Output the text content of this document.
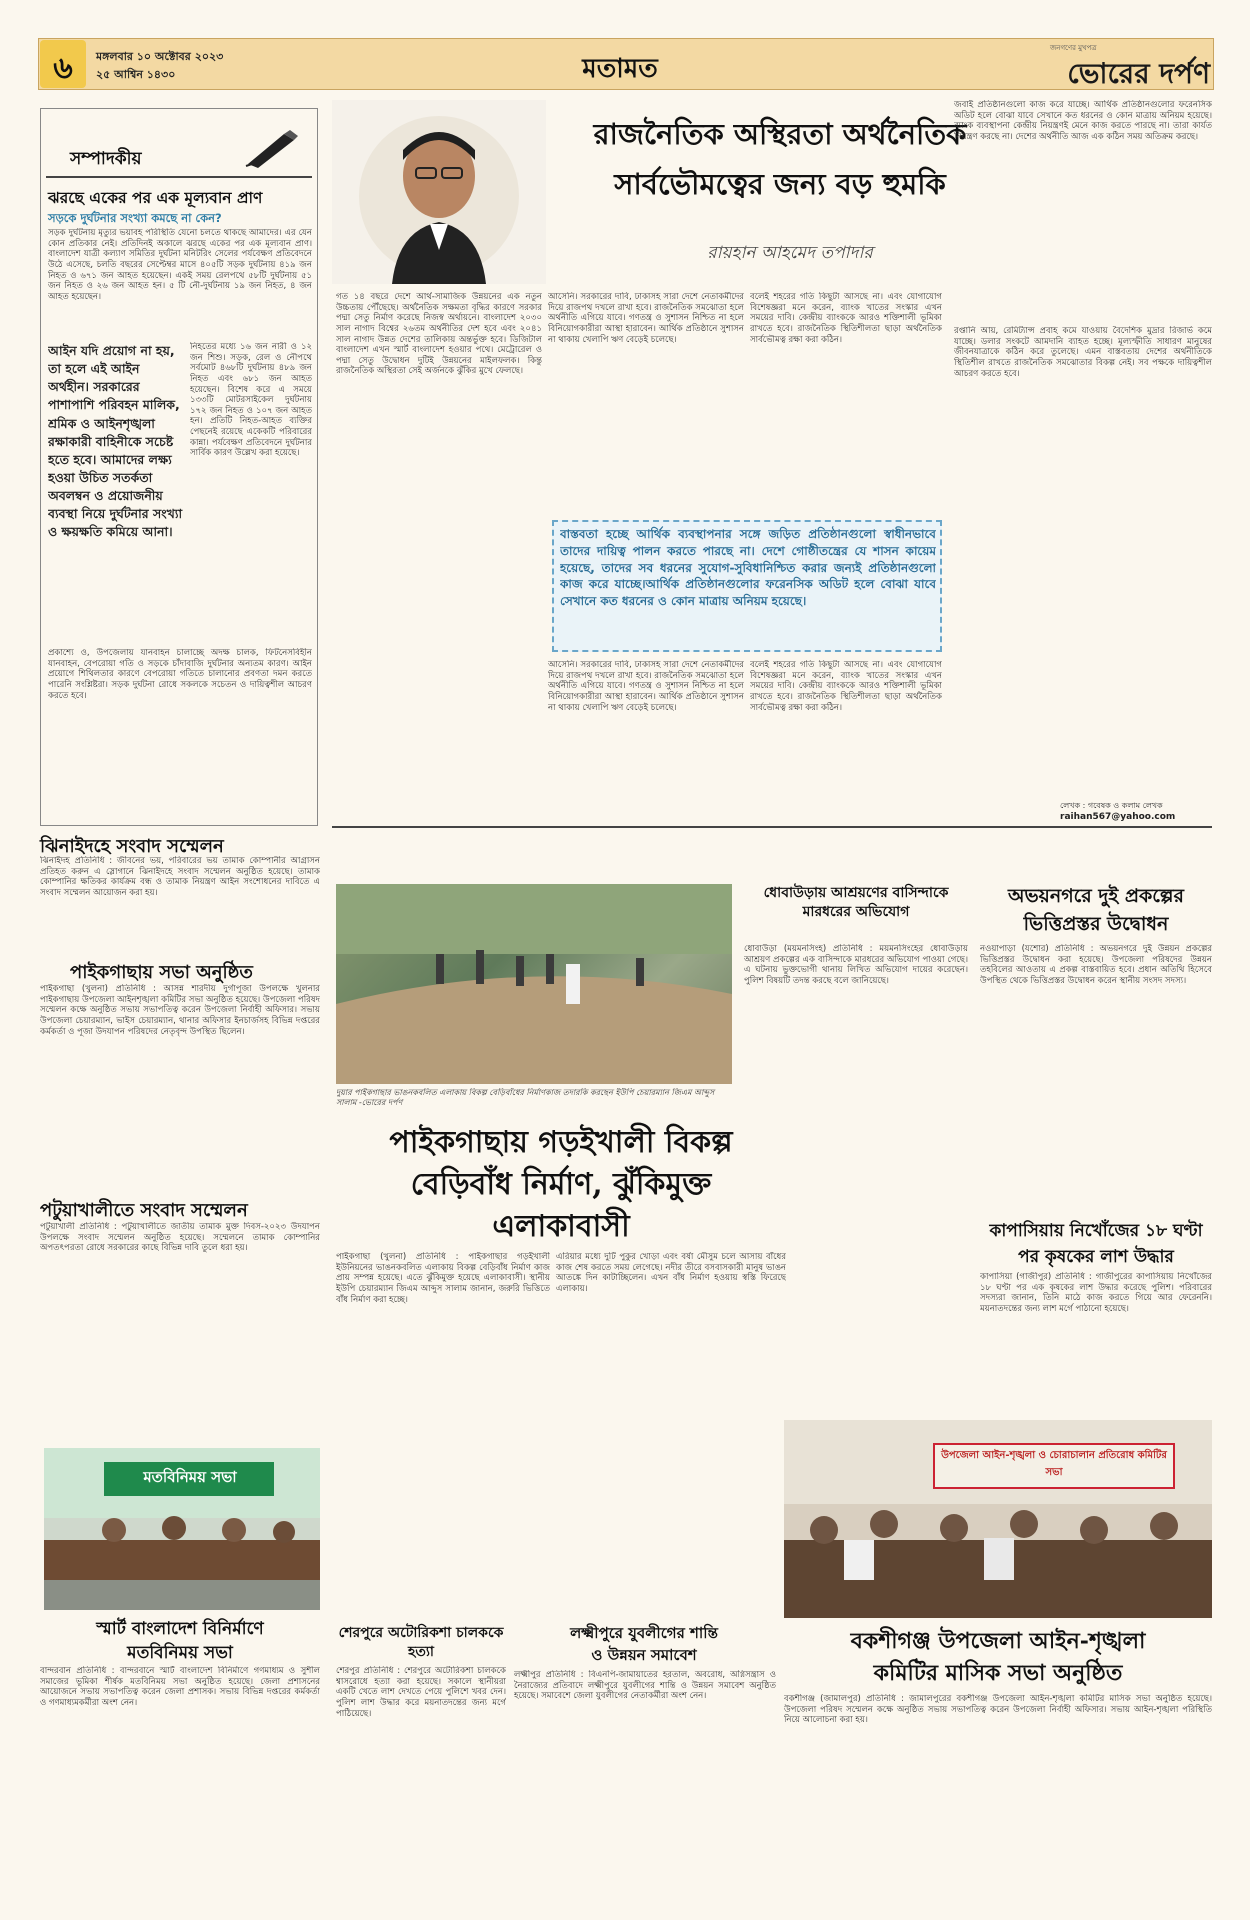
৬	মঙ্গলবার ১০ অক্টোবর ২০২৩
২৫ আশ্বিন ১৪৩০	মতামত
জনগণের মুখপত্র
ভোরের দর্পণ
সম্পাদকীয়
ঝরছে একের পর এক মূল্যবান প্রাণ
সড়কে দুর্ঘটনার সংখ্যা কমছে না কেন?
সড়ক দুর্ঘটনায় মৃত্যুর ভয়াবহ পরিস্থিতি যেনো চলতে থাকছে আমাদের। এর যেন কোন প্রতিকার নেই। প্রতিদিনই অকালে ঝরছে একের পর এক মূল্যবান প্রাণ। বাংলাদেশ যাত্রী কল্যাণ সমিতির দুর্ঘটনা মনিটরিং সেলের পর্যবেক্ষণ প্রতিবেদনে উঠে এসেছে, চলতি বছরের সেপ্টেম্বর মাসে ৪০৫টি সড়ক দুর্ঘটনায় ৪১৯ জন নিহত ও ৬৭১ জন আহত হয়েছেন। একই সময় রেলপথে ৫৮টি দুর্ঘটনায় ৫১ জন নিহত ও ২৬ জন আহত হন। ৫ টি নৌ-দুর্ঘটনায় ১৯ জন নিহত, ৪ জন আহত হয়েছেন।
আইন যদি প্রয়োগ না হয়, তা হলে এই আইন অর্থহীন। সরকারের পাশাপাশি পরিবহন মালিক, শ্রমিক ও আইনশৃঙ্খলা রক্ষাকারী বাহিনীকে সচেষ্ট হতে হবে। আমাদের লক্ষ্য হওয়া উচিত সতর্কতা অবলম্বন ও প্রয়োজনীয় ব্যবস্থা নিয়ে দুর্ঘটনার সংখ্যা ও ক্ষয়ক্ষতি কমিয়ে আনা।
নিহতের মধ্যে ১৬ জন নারী ও ১২ জন শিশু। সড়ক, রেল ও নৌপথে সর্বমোট ৪৬৮টি দুর্ঘটনায় ৪৮৯ জন নিহত এবং ৬৮১ জন আহত হয়েছেন। বিশেষ করে এ সময়ে ১৩৩টি মোটরসাইকেল দুর্ঘটনায় ১৭২ জন নিহত ও ১০৭ জন আহত হন। প্রতিটি নিহত-আহত ব্যক্তির পেছনেই রয়েছে একেকটি পরিবারের কান্না। পর্যবেক্ষণ প্রতিবেদনে দুর্ঘটনার সার্বিক কারণ উল্লেখ করা হয়েছে।
প্রকাশ্যে ও, উপজেলায় যানবাহন চালাচ্ছে অদক্ষ চালক, ফিটনেসবিহীন যানবাহন, বেপরোয়া গতি ও সড়কে চাঁদাবাজি দুর্ঘটনার অন্যতম কারণ। আইন প্রয়োগে শিথিলতার কারণে বেপরোয়া গতিতে চালানোর প্রবণতা দমন করতে পারেনি সংশ্লিষ্টরা। সড়ক দুর্ঘটনা রোধে সকলকে সচেতন ও দায়িত্বশীল আচরণ করতে হবে।
রাজনৈতিক অস্থিরতা অর্থনৈতিক
সার্বভৌমত্বের জন্য বড় হুমকি
রায়হান আহমেদ তপাদার
গত ১৪ বছরে দেশে আর্থ-সামাজিক উন্নয়নের এক নতুন উচ্চতায় পৌঁছেছে। অর্থনৈতিক সক্ষমতা বৃদ্ধির কারণে সরকার পদ্মা সেতু নির্মাণ করেছে নিজস্ব অর্থায়নে। বাংলাদেশ ২০৩০ সাল নাগাদ বিশ্বের ২৬তম অর্থনীতির দেশ হবে এবং ২০৪১ সাল নাগাদ উন্নত দেশের তালিকায় অন্তর্ভুক্ত হবে। ডিজিটাল বাংলাদেশ এখন স্মার্ট বাংলাদেশ হওয়ার পথে। মেট্রোরেল ও পদ্মা সেতু উদ্বোধন দুটিই উন্নয়নের মাইলফলক। কিন্তু রাজনৈতিক অস্থিরতা সেই অর্জনকে ঝুঁকির মুখে ফেলছে।
আসেনি। সরকারের দাবি, ঢাকাসহ সারা দেশে নেতাকর্মীদের দিয়ে রাজপথ দখলে রাখা হবে। রাজনৈতিক সমঝোতা হলে অর্থনীতি এগিয়ে যাবে। গণতন্ত্র ও সুশাসন নিশ্চিত না হলে বিনিয়োগকারীরা আস্থা হারাবেন। আর্থিক প্রতিষ্ঠানে সুশাসন না থাকায় খেলাপি ঋণ বেড়েই চলেছে।
বলেই শহরের গতি কিছুটা আসছে না। এবং যোগাযোগ বিশেষজ্ঞরা মনে করেন, ব্যাংক খাতের সংস্কার এখন সময়ের দাবি। কেন্দ্রীয় ব্যাংককে আরও শক্তিশালী ভূমিকা রাখতে হবে। রাজনৈতিক স্থিতিশীলতা ছাড়া অর্থনৈতিক সার্বভৌমত্ব রক্ষা করা কঠিন।
বাস্তবতা হচ্ছে আর্থিক ব্যবস্থাপনার সঙ্গে জড়িত প্রতিষ্ঠানগুলো স্বাধীনভাবে তাদের দায়িত্ব পালন করতে পারছে না। দেশে গোষ্ঠীতন্ত্রের যে শাসন কায়েম হয়েছে, তাদের সব ধরনের সুযোগ-সুবিধানিশ্চিত করার জন্যই প্রতিষ্ঠানগুলো কাজ করে যাচ্ছে।আর্থিক প্রতিষ্ঠানগুলোর ফরেনসিক অডিট হলে বোঝা যাবে সেখানে কত ধরনের ও কোন মাত্রায় অনিয়ম হয়েছে।
আসেনি। সরকারের দাবি, ঢাকাসহ সারা দেশে নেতাকর্মীদের দিয়ে রাজপথ দখলে রাখা হবে। রাজনৈতিক সমঝোতা হলে অর্থনীতি এগিয়ে যাবে। গণতন্ত্র ও সুশাসন নিশ্চিত না হলে বিনিয়োগকারীরা আস্থা হারাবেন। আর্থিক প্রতিষ্ঠানে সুশাসন না থাকায় খেলাপি ঋণ বেড়েই চলেছে।
বলেই শহরের গতি কিছুটা আসছে না। এবং যোগাযোগ বিশেষজ্ঞরা মনে করেন, ব্যাংক খাতের সংস্কার এখন সময়ের দাবি। কেন্দ্রীয় ব্যাংককে আরও শক্তিশালী ভূমিকা রাখতে হবে। রাজনৈতিক স্থিতিশীলতা ছাড়া অর্থনৈতিক সার্বভৌমত্ব রক্ষা করা কঠিন।
জবাই প্রতিষ্ঠানগুলো কাজ করে যাচ্ছে। আর্থিক প্রতিষ্ঠানগুলোর ফরেনসিক অডিট হলে বোঝা যাবে সেখানে কত ধরনের ও কোন মাত্রায় অনিয়ম হয়েছে। ব্যাংক ব্যবস্থাপনা কেন্দ্রীয় নিয়ন্ত্রণই মেনে কাজ করতে পারছে না। তারা কার্যত নিয়ন্ত্রণ করছে না। দেশের অর্থনীতি আজ এক কঠিন সময় অতিক্রম করছে।
রপ্তানি আয়, রেমিট্যান্স প্রবাহ কমে যাওয়ায় বৈদেশিক মুদ্রার রিজার্ভ কমে যাচ্ছে। ডলার সংকটে আমদানি ব্যাহত হচ্ছে। মূল্যস্ফীতি সাধারণ মানুষের জীবনযাত্রাকে কঠিন করে তুলেছে। এমন বাস্তবতায় দেশের অর্থনীতিকে স্থিতিশীল রাখতে রাজনৈতিক সমঝোতার বিকল্প নেই। সব পক্ষকে দায়িত্বশীল আচরণ করতে হবে।
লেখক : গবেষক ও কলাম লেখক
raihan567@yahoo.com
ঝিনাইদহে সংবাদ সম্মেলন
ঝিনাইদহ প্রতিনিধি : জীবনের ভয়, পরিবারের ভয় তামাক কোম্পানীর আগ্রাসন প্রতিহত করুন এ স্লোগানে ঝিনাইদহে সংবাদ সম্মেলন অনুষ্ঠিত হয়েছে। তামাক কোম্পানির ক্ষতিকর কার্যক্রম বন্ধ ও তামাক নিয়ন্ত্রণ আইন সংশোধনের দাবিতে এ সংবাদ সম্মেলন আয়োজন করা হয়।
পাইকগাছায় সভা অনুষ্ঠিত
পাইকগাছা (খুলনা) প্রতিনিধি : আসন্ন শারদীয় দুর্গাপূজা উপলক্ষে খুলনার পাইকগাছায় উপজেলা আইনশৃঙ্খলা কমিটির সভা অনুষ্ঠিত হয়েছে। উপজেলা পরিষদ সম্মেলন কক্ষে অনুষ্ঠিত সভায় সভাপতিত্ব করেন উপজেলা নির্বাহী অফিসার। সভায় উপজেলা চেয়ারম্যান, ভাইস চেয়ারম্যান, থানার অফিসার ইনচার্জসহ বিভিন্ন দপ্তরের কর্মকর্তা ও পূজা উদযাপন পরিষদের নেতৃবৃন্দ উপস্থিত ছিলেন।
পটুয়াখালীতে সংবাদ সম্মেলন
পটুয়াখালী প্রতিনিধি : পটুয়াখালীতে জাতীয় তামাক মুক্ত দিবস-২০২৩ উদযাপন উপলক্ষে সংবাদ সম্মেলন অনুষ্ঠিত হয়েছে। সম্মেলনে তামাক কোম্পানির অপতৎপরতা রোধে সরকারের কাছে বিভিন্ন দাবি তুলে ধরা হয়।
মতবিনিময় সভা
স্মার্ট বাংলাদেশ বিনির্মাণে
মতবিনিময় সভা
বান্দরবান প্রতিনিধি : বান্দরবানে স্মার্ট বাংলাদেশ বিনির্মাণে গণমাধ্যম ও সুশীল সমাজের ভূমিকা শীর্ষক মতবিনিময় সভা অনুষ্ঠিত হয়েছে। জেলা প্রশাসনের আয়োজনে সভায় সভাপতিত্ব করেন জেলা প্রশাসক। সভায় বিভিন্ন দপ্তরের কর্মকর্তা ও গণমাধ্যমকর্মীরা অংশ নেন।
দুয়ার পাইকগাছার ভাঙনকবলিত এলাকায় বিকল্প বেড়িবাঁধের নির্মাণকাজ তদারকি করছেন ইউপি চেয়ারম্যান জিএম আব্দুস সালাম -ভোরের দর্পণ
পাইকগাছায় গড়ইখালী বিকল্প
বেড়িবাঁধ নির্মাণ, ঝুঁকিমুক্ত
এলাকাবাসী
পাইকগাছা (খুলনা) প্রতিনিধি : পাইকগাছার গড়ইখালী ইউনিয়নের ভাঙনকবলিত এলাকায় বিকল্প বেড়িবাঁধ নির্মাণ কাজ প্রায় সম্পন্ন হয়েছে। এতে ঝুঁকিমুক্ত হয়েছে এলাকাবাসী। স্থানীয় ইউপি চেয়ারম্যান জিএম আব্দুস সালাম জানান, জরুরি ভিত্তিতে বাঁধ নির্মাণ করা হচ্ছে।
এরিয়ার মধ্যে দুটি পুকুর খোড়া এবং বর্ষা মৌসুম চলে আসায় বাঁধের কাজ শেষ করতে সময় লেগেছে। নদীর তীরে বসবাসকারী মানুষ ভাঙন আতঙ্কে দিন কাটাচ্ছিলেন। এখন বাঁধ নির্মাণ হওয়ায় স্বস্তি ফিরেছে এলাকায়।
ধোবাউড়ায় আশ্রয়ণের বাসিন্দাকে মারধরের অভিযোগ
ধোবাউড়া (ময়মনসিংহ) প্রতিনিধি : ময়মনসিংহের ধোবাউড়ায় আশ্রয়ণ প্রকল্পের এক বাসিন্দাকে মারধরের অভিযোগ পাওয়া গেছে। এ ঘটনায় ভুক্তভোগী থানায় লিখিত অভিযোগ দায়ের করেছেন। পুলিশ বিষয়টি তদন্ত করছে বলে জানিয়েছে।
অভয়নগরে দুই প্রকল্পের
ভিত্তিপ্রস্তর উদ্বোধন
নওয়াপাড়া (যশোর) প্রতিনিধি : অভয়নগরে দুই উন্নয়ন প্রকল্পের ভিত্তিপ্রস্তর উদ্বোধন করা হয়েছে। উপজেলা পরিষদের উন্নয়ন তহবিলের আওতায় এ প্রকল্প বাস্তবায়িত হবে। প্রধান অতিথি হিসেবে উপস্থিত থেকে ভিত্তিপ্রস্তর উদ্বোধন করেন স্থানীয় সংসদ সদস্য।
কাপাসিয়ায় নিখোঁজের ১৮ ঘণ্টা
পর কৃষকের লাশ উদ্ধার
কাপাসিয়া (গাজীপুর) প্রতিনিধি : গাজীপুরের কাপাসিয়ায় নিখোঁজের ১৮ ঘণ্টা পর এক কৃষকের লাশ উদ্ধার করেছে পুলিশ। পরিবারের সদস্যরা জানান, তিনি মাঠে কাজ করতে গিয়ে আর ফেরেননি। ময়নাতদন্তের জন্য লাশ মর্গে পাঠানো হয়েছে।
উপজেলা আইন-শৃঙ্খলা ও চোরাচালান প্রতিরোধ কমিটির সভা
শেরপুরে অটোরিকশা চালককে হত্যা
শেরপুর প্রতিনিধি : শেরপুরে অটোরিকশা চালককে শ্বাসরোধে হত্যা করা হয়েছে। সকালে স্থানীয়রা একটি খেতে লাশ দেখতে পেয়ে পুলিশে খবর দেন। পুলিশ লাশ উদ্ধার করে ময়নাতদন্তের জন্য মর্গে পাঠিয়েছে।
লক্ষ্মীপুরে যুবলীগের শান্তি
ও উন্নয়ন সমাবেশ
লক্ষ্মীপুর প্রতিনিধি : বিএনপি-জামায়াতের হরতাল, অবরোধ, অগ্নিসন্ত্রাস ও নৈরাজ্যের প্রতিবাদে লক্ষ্মীপুরে যুবলীগের শান্তি ও উন্নয়ন সমাবেশ অনুষ্ঠিত হয়েছে। সমাবেশে জেলা যুবলীগের নেতাকর্মীরা অংশ নেন।
বকশীগঞ্জ উপজেলা আইন-শৃঙ্খলা
কমিটির মাসিক সভা অনুষ্ঠিত
বকশীগঞ্জ (জামালপুর) প্রতিনিধি : জামালপুরের বকশীগঞ্জ উপজেলা আইন-শৃঙ্খলা কমিটির মাসিক সভা অনুষ্ঠিত হয়েছে। উপজেলা পরিষদ সম্মেলন কক্ষে অনুষ্ঠিত সভায় সভাপতিত্ব করেন উপজেলা নির্বাহী অফিসার। সভায় আইন-শৃঙ্খলা পরিস্থিতি নিয়ে আলোচনা করা হয়।
